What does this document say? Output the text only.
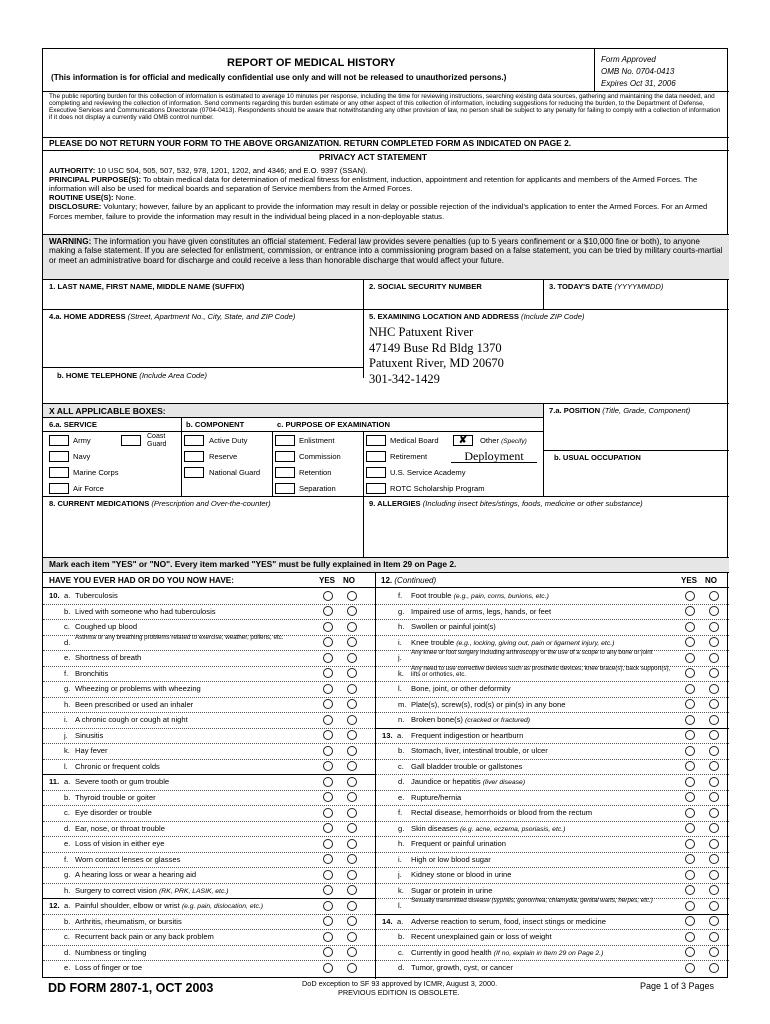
REPORT OF MEDICAL HISTORY
(This information is for official and medically confidential use only and will not be released to unauthorized persons.)
Form Approved
OMB No. 0704-0413
Expires Oct 31, 2006
The public reporting burden for this collection of information is estimated to average 10 minutes per response, including the time for reviewing instructions, searching existing data sources, gathering and maintaining the data needed, and completing and reviewing the collection of information. Send comments regarding this burden estimate or any other aspect of this collection of information, including suggestions for reducing the burden, to the Department of Defense, Executive Services and Communications Directorate (0704-0413). Respondents should be aware that notwithstanding any other provision of law, no person shall be subject to any penalty for failing to comply with a collection of information if it does not display a currently valid OMB control number.
PLEASE DO NOT RETURN YOUR FORM TO THE ABOVE ORGANIZATION. RETURN COMPLETED FORM AS INDICATED ON PAGE 2.
PRIVACY ACT STATEMENT
AUTHORITY: 10 USC 504, 505, 507, 532, 978, 1201, 1202, and 4346; and E.O. 9397 (SSAN).
PRINCIPAL PURPOSE(S): To obtain medical data for determination of medical fitness for enlistment, induction, appointment and retention for applicants and members of the Armed Forces. The information will also be used for medical boards and separation of Service members from the Armed Forces.
ROUTINE USE(S): None.
DISCLOSURE: Voluntary; however, failure by an applicant to provide the information may result in delay or possible rejection of the individual's application to enter the Armed Forces. For an Armed Forces member, failure to provide the information may result in the individual being placed in a non-deployable status.
WARNING: The information you have given constitutes an official statement. Federal law provides severe penalties (up to 5 years confinement or a $10,000 fine or both), to anyone making a false statement. If you are selected for enlistment, commission, or entrance into a commissioning program based on a false statement, you can be tried by military courts-martial or meet an administrative board for discharge and could receive a less than honorable discharge that would affect your future.
1. LAST NAME, FIRST NAME, MIDDLE NAME (SUFFIX)	2. SOCIAL SECURITY NUMBER	3. TODAY'S DATE (YYYYMMDD)
4.a. HOME ADDRESS (Street, Apartment No., City, State, and ZIP Code)	5. EXAMINING LOCATION AND ADDRESS (Include ZIP Code)
NHC Patuxent River
47149 Buse Rd Bldg 1370
Patuxent River, MD 20670
301-342-1429
b. HOME TELEPHONE (Include Area Code)
X ALL APPLICABLE BOXES:	7.a. POSITION (Title, Grade, Component)
6.a. SERVICE	b. COMPONENT	c. PURPOSE OF EXAMINATION
b. USUAL OCCUPATION
Army	Coast
Guard
Navy
Marine Corps
Air Force
Active Duty
Reserve
National Guard
Enlistment
Commission
Retention
Separation
Medical Board	✘	Other (Specify)
Retirement	Deployment
U.S. Service Academy
ROTC Scholarship Program
8. CURRENT MEDICATIONS (Prescription and Over-the-counter)	9. ALLERGIES (Including insect bites/stings, foods, medicine or other substance)
Mark each item "YES" or "NO". Every item marked "YES" must be fully explained in Item 29 on Page 2.
HAVE YOU EVER HAD OR DO YOU NOW HAVE:	YES NO	12. (Continued)	YES NO
10. a. Tuberculosis
b. Lived with someone who had tuberculosis
c. Coughed up blood
d.
Asthma or any breathing problems related to exercise, weather, pollens, etc.
e. Shortness of breath
f. Bronchitis
g. Wheezing or problems with wheezing
h. Been prescribed or used an inhaler
i. A chronic cough or cough at night
j. Sinusitis
k. Hay fever
l. Chronic or frequent colds
11. a. Severe tooth or gum trouble
b. Thyroid trouble or goiter
c. Eye disorder or trouble
d. Ear, nose, or throat trouble
e. Loss of vision in either eye
f. Worn contact lenses or glasses
g. A hearing loss or wear a hearing aid
h. Surgery to correct vision (RK, PRK, LASIK, etc.)
12. a. Painful shoulder, elbow or wrist (e.g. pain, dislocation, etc.)
b. Arthritis, rheumatism, or bursitis
c. Recurrent back pain or any back problem
d. Numbness or tingling
e. Loss of finger or toe
f. Foot trouble (e.g., pain, corns, bunions, etc.)
g. Impaired use of arms, legs, hands, or feet
h. Swollen or painful joint(s)
i. Knee trouble (e.g., locking, giving out, pain or ligament injury, etc.)
j.
Any knee or foot surgery including arthroscopy or the use of a scope to any bone or joint
k.
Any need to use corrective devices such as prosthetic devices, knee brace(s), back support(s), lifts or orthotics, etc.
l. Bone, joint, or other deformity
m. Plate(s), screw(s), rod(s) or pin(s) in any bone
n. Broken bone(s) (cracked or fractured)
13. a. Frequent indigestion or heartburn
b. Stomach, liver, intestinal trouble, or ulcer
c. Gall bladder trouble or gallstones
d. Jaundice or hepatitis (liver disease)
e. Rupture/hernia
f. Rectal disease, hemorrhoids or blood from the rectum
g. Skin diseases (e.g. acne, eczema, psoriasis, etc.)
h. Frequent or painful urination
i. High or low blood sugar
j. Kidney stone or blood in urine
k. Sugar or protein in urine
l.
Sexually transmitted disease (syphilis, gonorrhea, chlamydia, genital warts, herpes, etc.)
14. a. Adverse reaction to serum, food, insect stings or medicine
b. Recent unexplained gain or loss of weight
c. Currently in good health (If no, explain in Item 29 on Page 2.)
d. Tumor, growth, cyst, or cancer
DD FORM 2807-1, OCT 2003	DoD exception to SF 93 approved by ICMR, August 3, 2000.
PREVIOUS EDITION IS OBSOLETE.
Page 1 of 3 Pages
